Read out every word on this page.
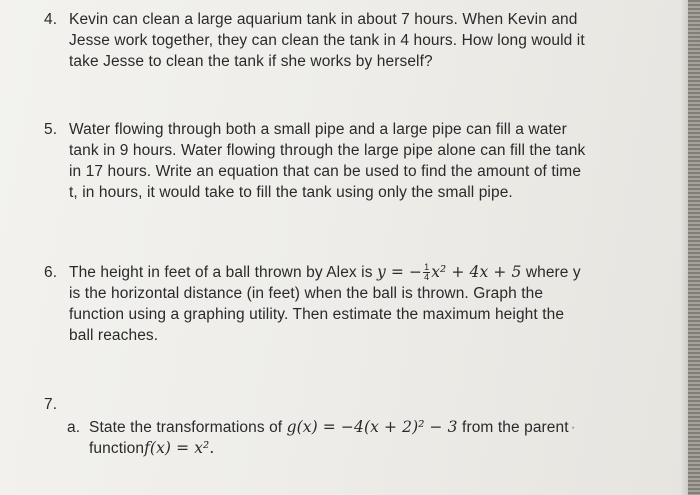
4. Kevin can clean a large aquarium tank in about 7 hours. When Kevin and
Jesse work together, they can clean the tank in 4 hours. How long would it
take Jesse to clean the tank if she works by herself?
5. Water flowing through both a small pipe and a large pipe can fill a water
tank in 9 hours. Water flowing through the large pipe alone can fill the tank
in 17 hours. Write an equation that can be used to find the amount of time
t, in hours, it would take to fill the tank using only the small pipe.
6. The height in feet of a ball thrown by Alex is y = − $\frac{1}{4} x^2 + 4x + 5$ where y
is the horizontal distance (in feet) when the ball is thrown. Graph the
function using a graphing utility. Then estimate the maximum height the
ball reaches.
7.
a. State the transformations of g(x) = −4(x + 2)² − 3 from the parent ·
functionf(x) = x².
